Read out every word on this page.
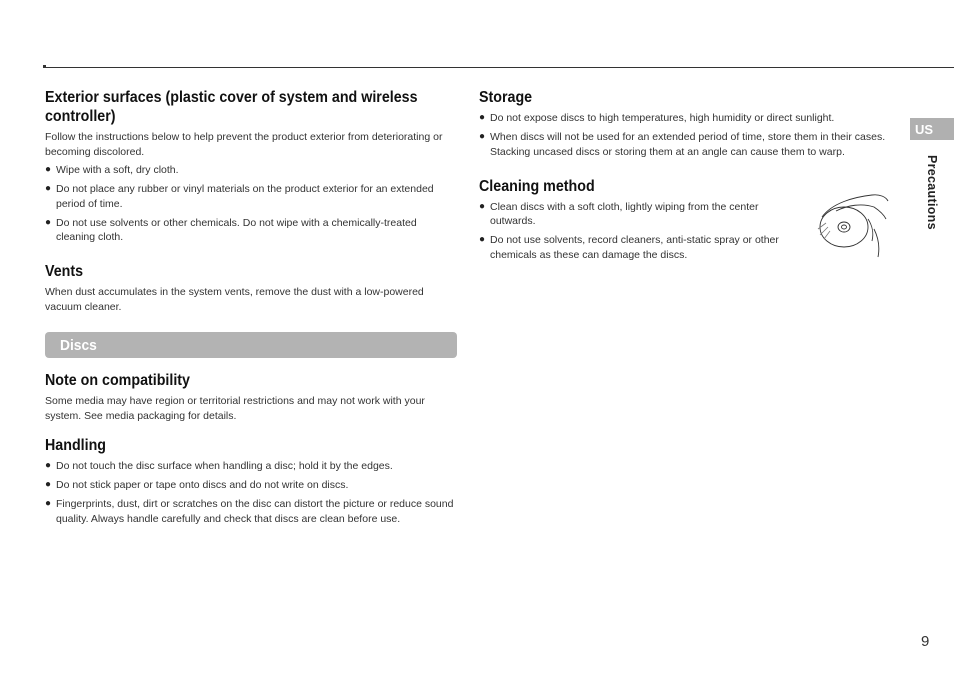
Exterior surfaces (plastic cover of system and wireless controller)

Follow the instructions below to help prevent the product exterior from deteriorating or becoming discolored.

● Wipe with a soft, dry cloth.
● Do not place any rubber or vinyl materials on the product exterior for an extended period of time.
● Do not use solvents or other chemicals. Do not wipe with a chemically-treated cleaning cloth.
Vents

When dust accumulates in the system vents, remove the dust with a low-powered vacuum cleaner.

Discs
Note on compatibility

Some media may have region or territorial restrictions and may not work with your system. See media packaging for details.

Handling
● Do not touch the disc surface when handling a disc; hold it by the edges.
● Do not stick paper or tape onto discs and do not write on discs.
● Fingerprints, dust, dirt or scratches on the disc can distort the picture or reduce sound quality. Always handle carefully and check that discs are clean before use.
Storage
● Do not expose discs to high temperatures, high humidity or direct sunlight.
● When discs will not be used for an extended period of time, store them in their cases. Stacking uncased discs or storing them at an angle can cause them to warp.
Cleaning method
● Clean discs with a soft cloth, lightly wiping from the center outwards.
● Do not use solvents, record cleaners, anti-static spray or other chemicals as these can damage the discs.
US
Precautions
9
